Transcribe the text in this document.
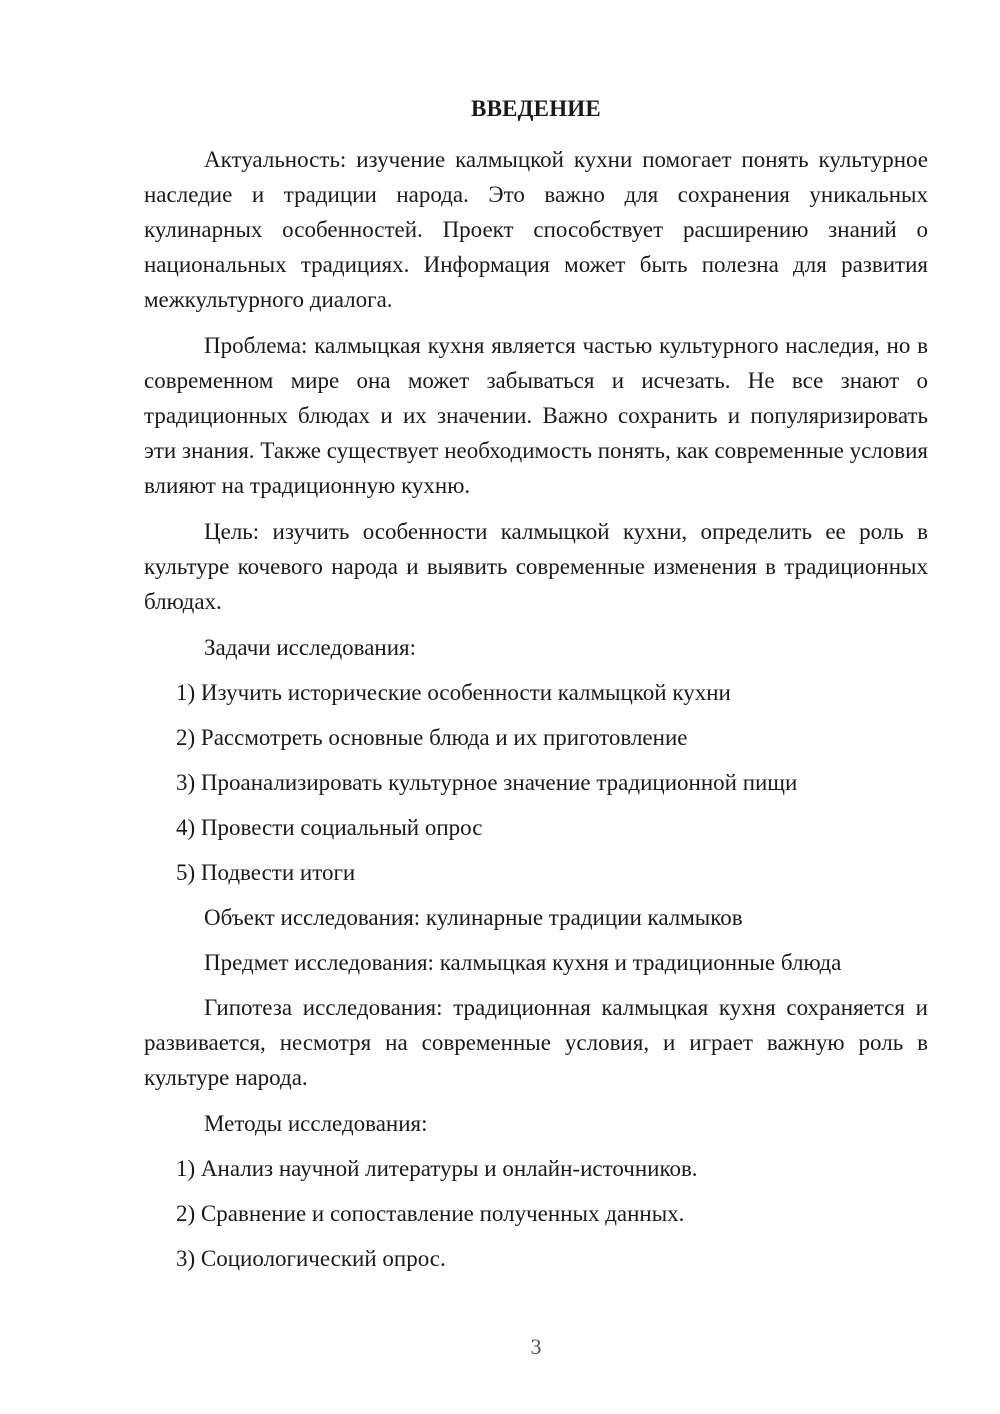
ВВЕДЕНИЕ

Актуальность: изучение калмыцкой кухни помогает понять культурное наследие и традиции народа. Это важно для сохранения уникальных кулинарных особенностей. Проект способствует расширению знаний о национальных традициях. Информация может быть полезна для развития межкультурного диалога.

Проблема: калмыцкая кухня является частью культурного наследия, но в современном мире она может забываться и исчезать. Не все знают о традиционных блюдах и их значении. Важно сохранить и популяризировать эти знания. Также существует необходимость понять, как современные условия влияют на традиционную кухню.

Цель: изучить особенности калмыцкой кухни, определить ее роль в культуре кочевого народа и выявить современные изменения в традиционных блюдах.

Задачи исследования:
1) Изучить исторические особенности калмыцкой кухни
2) Рассмотреть основные блюда и их приготовление
3) Проанализировать культурное значение традиционной пищи
4) Провести социальный опрос
5) Подвести итоги
Объект исследования: кулинарные традиции калмыков
Предмет исследования: калмыцкая кухня и традиционные блюда

Гипотеза исследования: традиционная калмыцкая кухня сохраняется и развивается, несмотря на современные условия, и играет важную роль в культуре народа.

Методы исследования:
1) Анализ научной литературы и онлайн-источников.
2) Сравнение и сопоставление полученных данных.
3) Социологический опрос.
3
